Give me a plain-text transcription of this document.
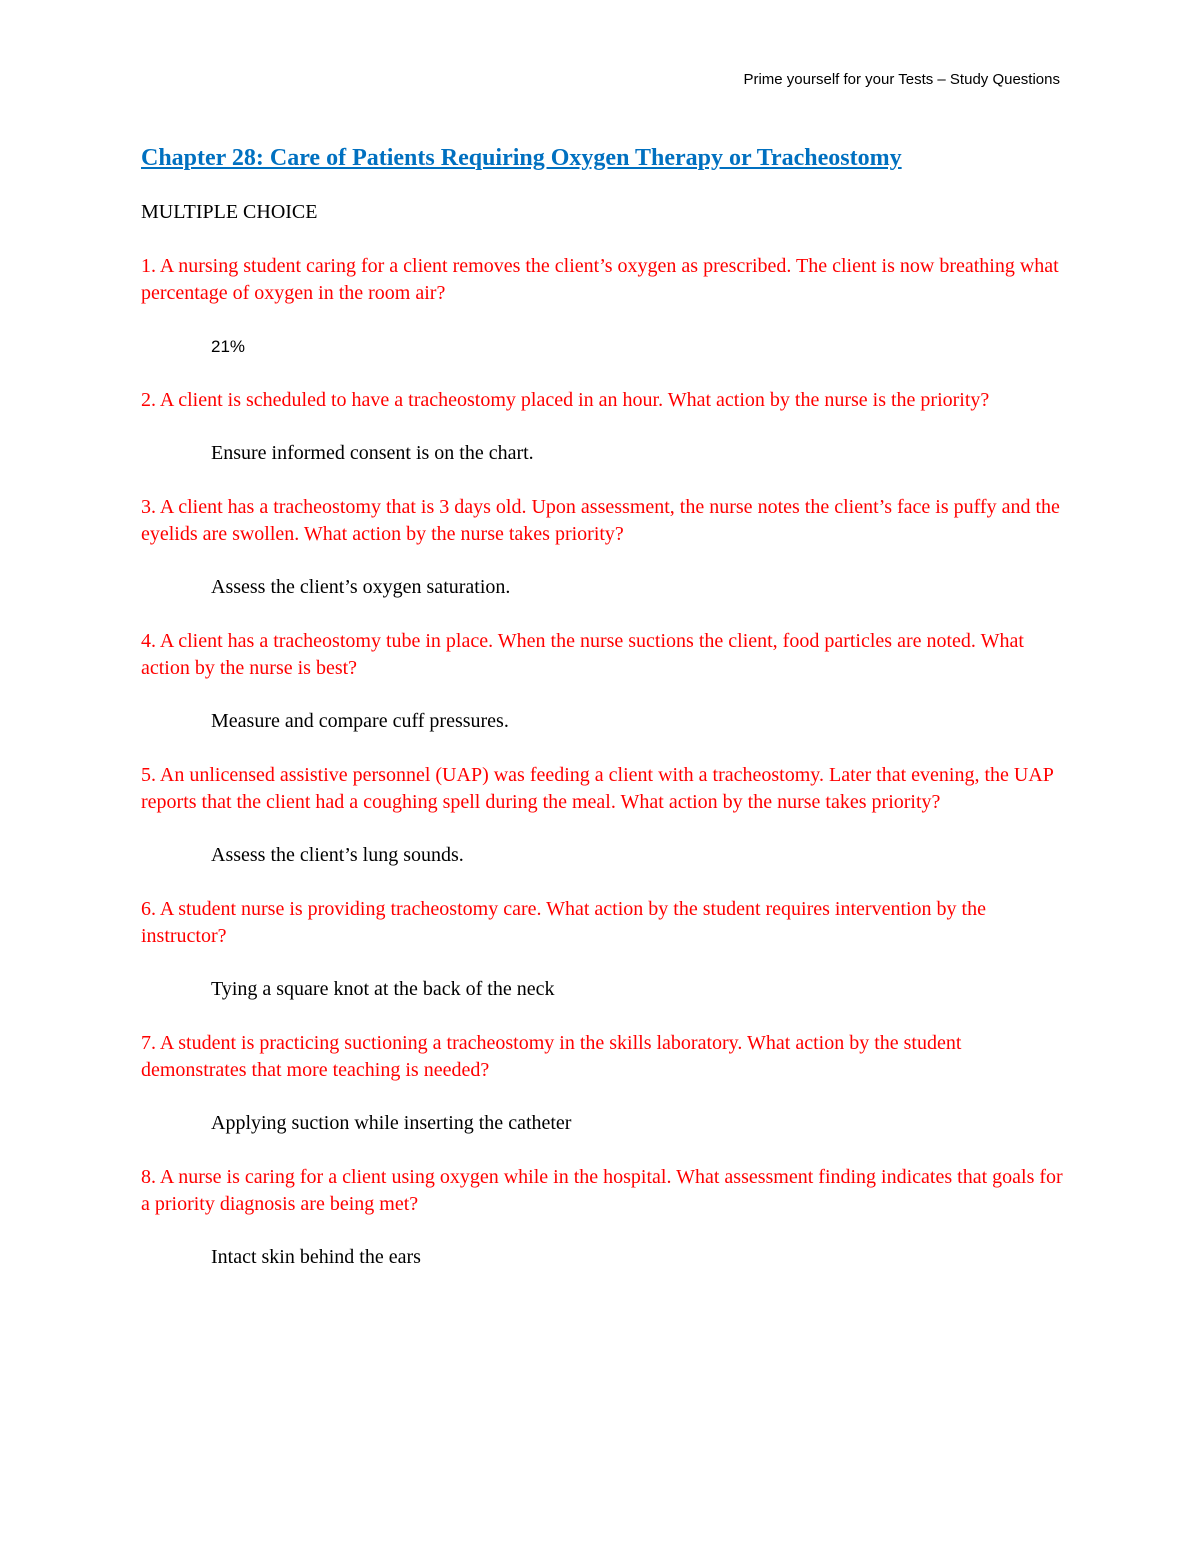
Prime yourself for your Tests – Study Questions
Chapter 28: Care of Patients Requiring Oxygen Therapy or Tracheostomy
MULTIPLE CHOICE

1. A nursing student caring for a client removes the client’s oxygen as prescribed. The client is now breathing what percentage of oxygen in the room air?

21%

2. A client is scheduled to have a tracheostomy placed in an hour. What action by the nurse is the priority?

Ensure informed consent is on the chart.

3. A client has a tracheostomy that is 3 days old. Upon assessment, the nurse notes the client’s face is puffy and the eyelids are swollen. What action by the nurse takes priority?

Assess the client’s oxygen saturation.

4. A client has a tracheostomy tube in place. When the nurse suctions the client, food particles are noted. What action by the nurse is best?

Measure and compare cuff pressures.

5. An unlicensed assistive personnel (UAP) was feeding a client with a tracheostomy. Later that evening, the UAP reports that the client had a coughing spell during the meal. What action by the nurse takes priority?

Assess the client’s lung sounds.

6. A student nurse is providing tracheostomy care. What action by the student requires intervention by the instructor?

Tying a square knot at the back of the neck

7. A student is practicing suctioning a tracheostomy in the skills laboratory. What action by the student demonstrates that more teaching is needed?

Applying suction while inserting the catheter

8. A nurse is caring for a client using oxygen while in the hospital. What assessment finding indicates that goals for a priority diagnosis are being met?

Intact skin behind the ears
